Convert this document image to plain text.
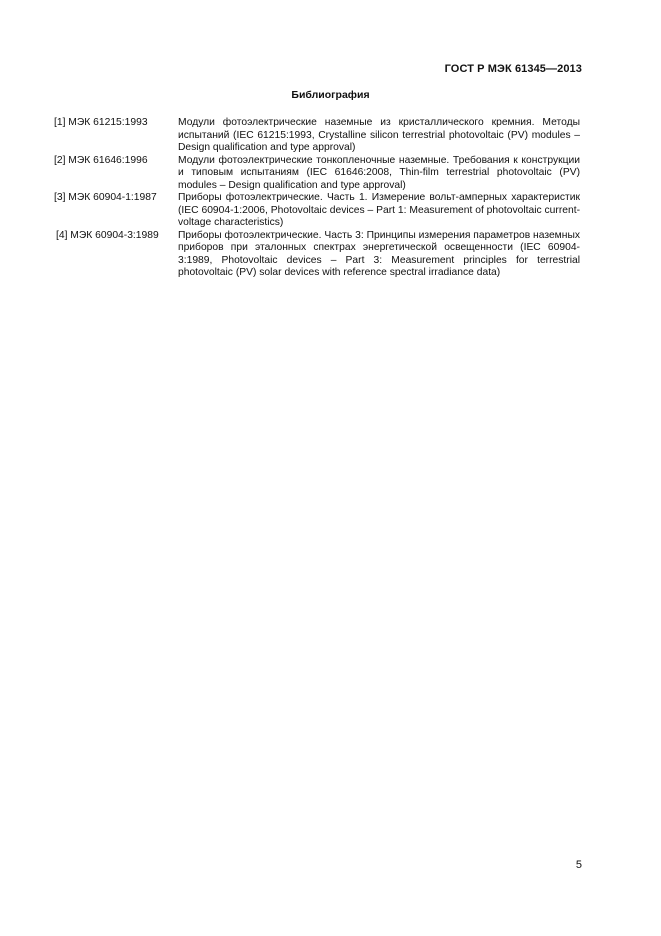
ГОСТ Р МЭК 61345—2013
Библиография
[1] МЭК 61215:1993	Модули фотоэлектрические наземные из кристаллического кремния. Методы испытаний (IEC 61215:1993, Crystalline silicon terrestrial photovoltaic (PV) modules – Design qualification and type approval)
[2] МЭК 61646:1996	Модули фотоэлектрические тонкопленочные наземные. Требования к конструкции и типовым испытаниям (IEC 61646:2008, Thin-film terrestrial photovoltaic (PV) modules – Design qualification and type approval)
[3] МЭК 60904-1:1987	Приборы фотоэлектрические. Часть 1. Измерение вольт-амперных характеристик (IEC 60904-1:2006, Photovoltaic devices – Part 1: Measurement of photovoltaic current-voltage characteristics)
[4] МЭК 60904-3:1989	Приборы фотоэлектрические. Часть 3: Принципы измерения параметров наземных приборов при эталонных спектрах энергетической освещенности (IEC 60904-3:1989, Photovoltaic devices – Part 3: Measurement principles for terrestrial photovoltaic (PV) solar devices with reference spectral irradiance data)
5
